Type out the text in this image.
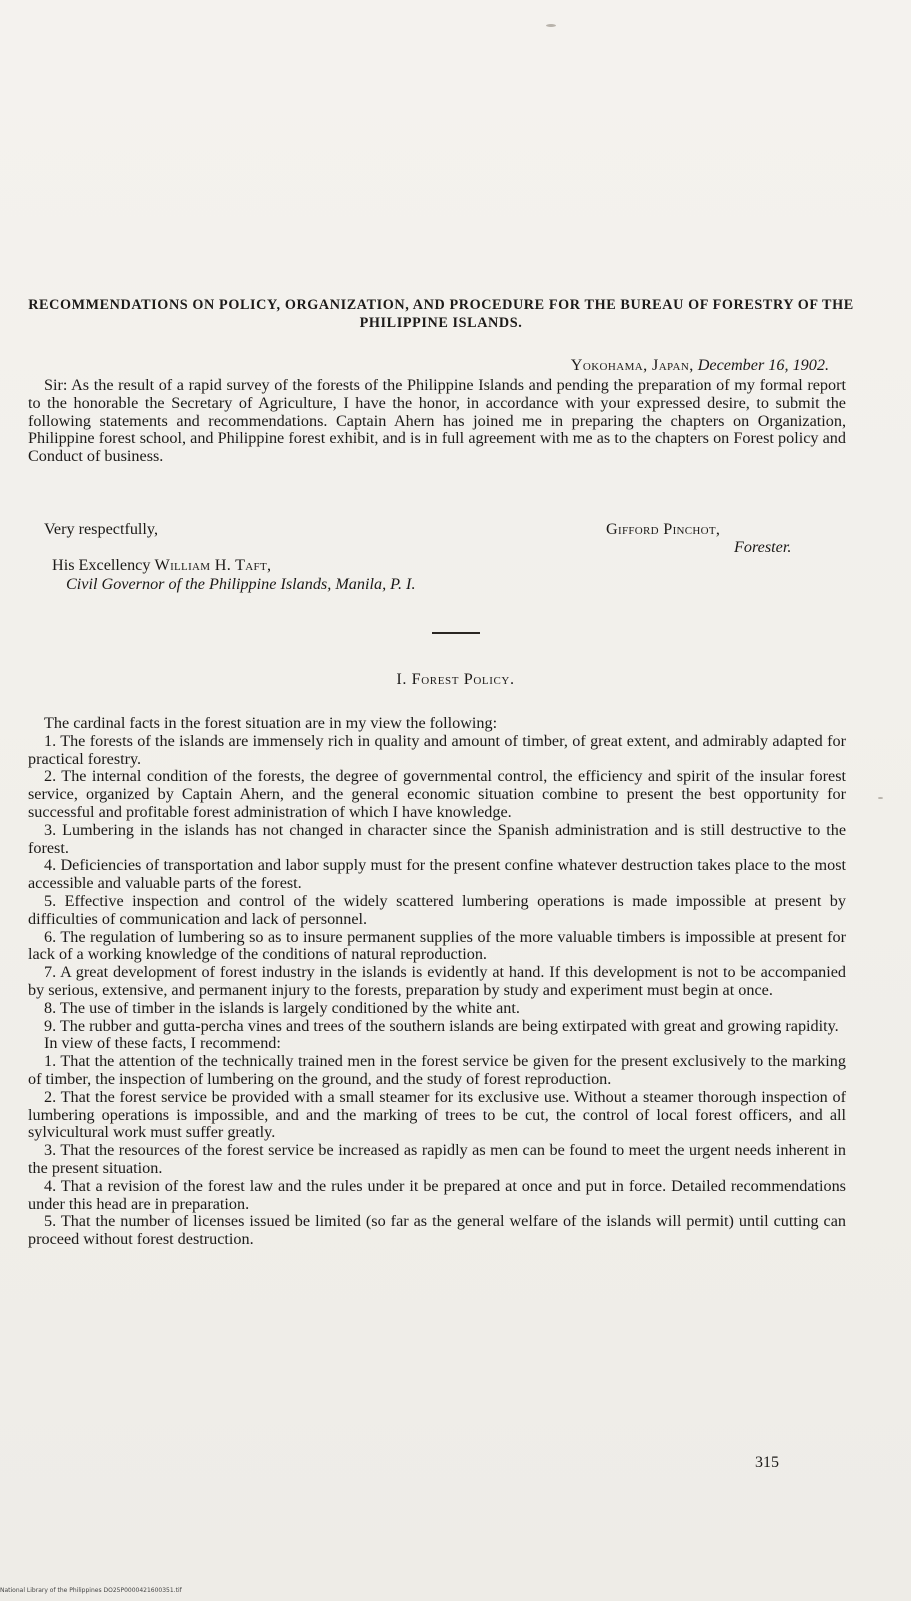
RECOMMENDATIONS ON POLICY, ORGANIZATION, AND PROCEDURE FOR THE BUREAU OF FORESTRY OF THE PHILIPPINE ISLANDS.
Yokohama, Japan, December 16, 1902.
Sir: As the result of a rapid survey of the forests of the Philippine Islands and pending the preparation of my formal report to the honorable the Secretary of Agriculture, I have the honor, in accordance with your expressed desire, to submit the following statements and recommendations. Captain Ahern has joined me in preparing the chapters on Organization, Philippine forest school, and Philippine forest exhibit, and is in full agreement with me as to the chapters on Forest policy and Conduct of business.
Very respectfully,	Gifford Pinchot,
Forester.
His Excellency William H. Taft,
Civil Governor of the Philippine Islands, Manila, P. I.
I. Forest Policy.

The cardinal facts in the forest situation are in my view the following:

1. The forests of the islands are immensely rich in quality and amount of timber, of great extent, and admirably adapted for practical forestry.

2. The internal condition of the forests, the degree of governmental control, the efficiency and spirit of the insular forest service, organized by Captain Ahern, and the general economic situation combine to present the best opportunity for successful and profitable forest administration of which I have knowledge.

3. Lumbering in the islands has not changed in character since the Spanish administration and is still destructive to the forest.

4. Deficiencies of transportation and labor supply must for the present confine whatever destruction takes place to the most accessible and valuable parts of the forest.

5. Effective inspection and control of the widely scattered lumbering operations is made impossible at present by difficulties of communication and lack of personnel.

6. The regulation of lumbering so as to insure permanent supplies of the more valuable timbers is impossible at present for lack of a working knowledge of the conditions of natural reproduction.

7. A great development of forest industry in the islands is evidently at hand. If this development is not to be accompanied by serious, extensive, and permanent injury to the forests, preparation by study and experiment must begin at once.

8. The use of timber in the islands is largely conditioned by the white ant.

9. The rubber and gutta-percha vines and trees of the southern islands are being extirpated with great and growing rapidity.

In view of these facts, I recommend:

1. That the attention of the technically trained men in the forest service be given for the present exclusively to the marking of timber, the inspection of lumbering on the ground, and the study of forest reproduction.

2. That the forest service be provided with a small steamer for its exclusive use. Without a steamer thorough inspection of lumbering operations is impossible, and and the marking of trees to be cut, the control of local forest officers, and all sylvicultural work must suffer greatly.

3. That the resources of the forest service be increased as rapidly as men can be found to meet the urgent needs inherent in the present situation.

4. That a revision of the forest law and the rules under it be prepared at once and put in force. Detailed recommendations under this head are in preparation.

5. That the number of licenses issued be limited (so far as the general welfare of the islands will permit) until cutting can proceed without forest destruction.

315
National Library of the Philippines DO25P0000421600351.tif
